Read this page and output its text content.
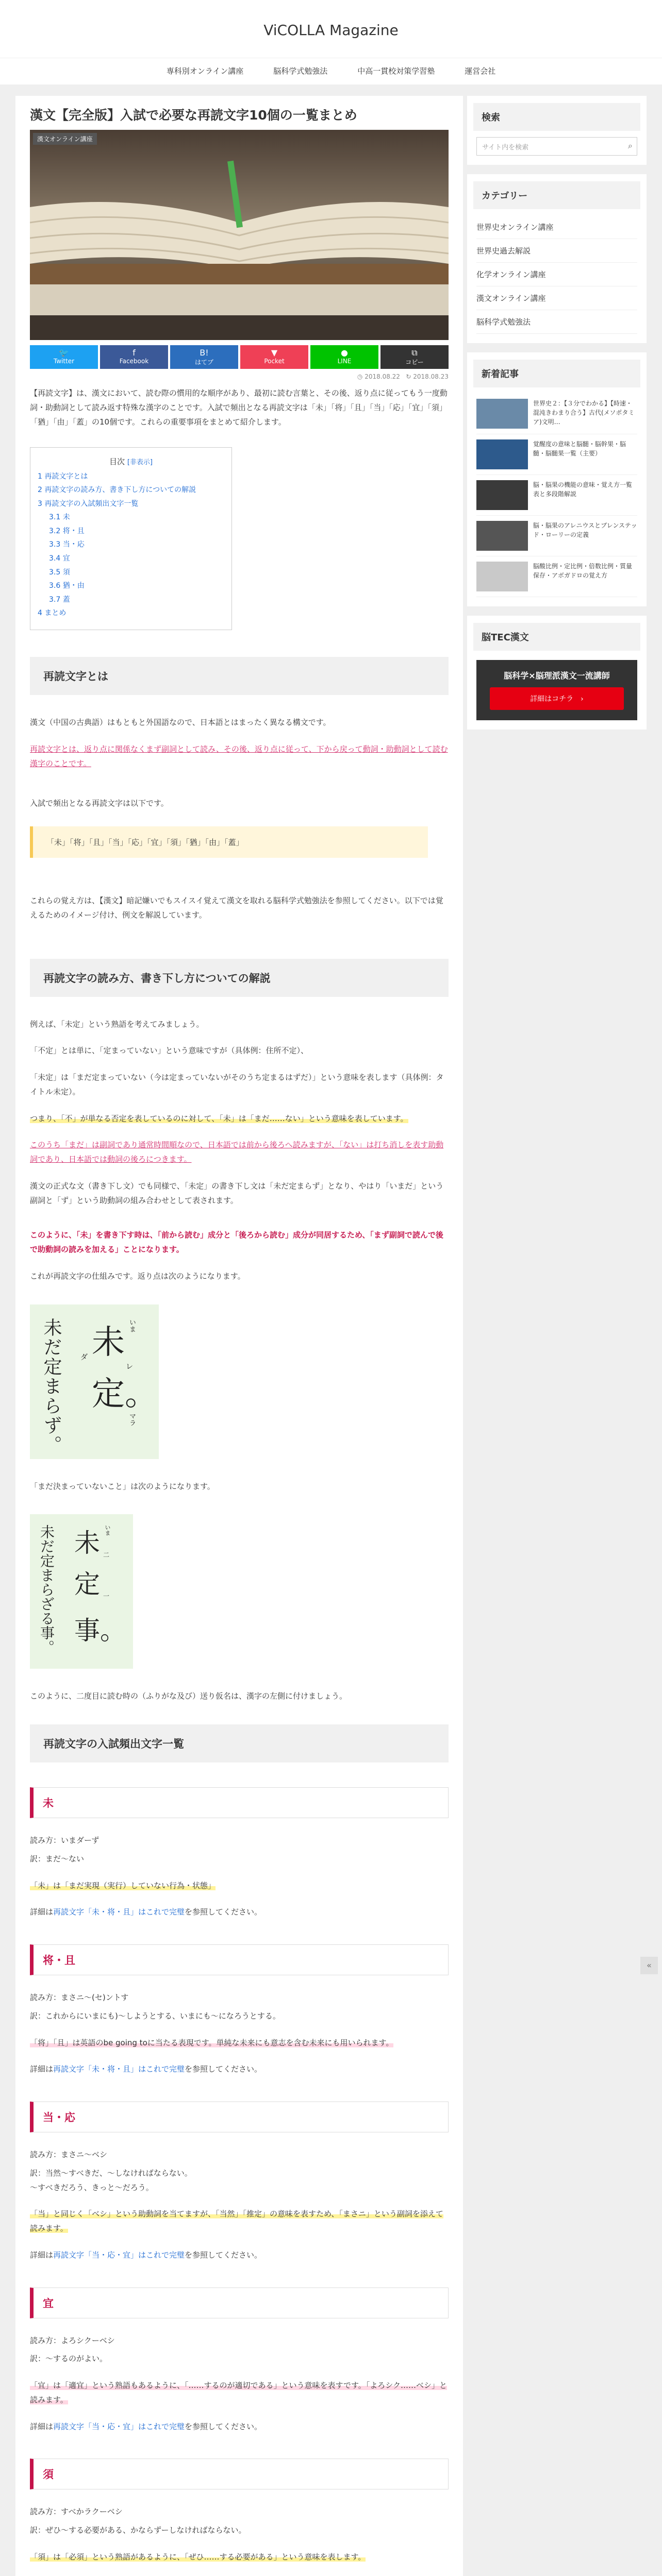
ViCOLLA Magazine
専科別オンライン講座	脳科学式勉強法	中高一貫校対策学習塾	運営会社
漢文【完全版】入試で必要な再読文字10個の一覧まとめ
漢文オンライン講座
🐦
Twitter
f
Facebook
B!
はてブ
▼
Pocket
●
LINE
⧉
コピー
◷ 2018.08.22 ↻ 2018.08.23

【再読文字】は、漢文において、読む際の慣用的な順序があり、最初に読む言葉と、その後、返り点に従ってもう一度動詞・助動詞として読み返す特殊な漢字のことです。入試で頻出となる再読文字は「未」「将」「且」「当」「応」「宜」「須」「猶」「由」「蓋」の10個です。これらの重要事項をまとめて紹介します。

目次 [非表示]
1 再読文字とは
2 再読文字の読み方、書き下し方についての解説
3 再読文字の入試頻出文字一覧
3.1 未
3.2 将・且
3.3 当・応
3.4 宜
3.5 須
3.6 猶・由
3.7 蓋
4 まとめ
再読文字とは

漢文（中国の古典語）はもともと外国語なので、日本語とはまったく異なる構文です。

再読文字とは、返り点に関係なくまず副詞として読み、その後、返り点に従って、下から戻って動詞・助動詞として読む漢字のことです。

入試で頻出となる再読文字は以下です。

「未」「将」「且」「当」「応」「宜」「須」「猶」「由」「蓋」

これらの覚え方は、【漢文】暗記嫌いでもスイスイ覚えて漢文を取れる脳科学式勉強法を参照してください。以下では覚えるためのイメージ付け、例文を解説しています。

再読文字の読み方、書き下し方についての解説

例えば、「未定」という熟語を考えてみましょう。

「不定」とは単に、「定まっていない」という意味ですが（具体例：住所不定）、

「未定」は「まだ定まっていない（今は定まっていないがそのうち定まるはずだ）」という意味を表します（具体例：タイトル未定）。

つまり、「不」が単なる否定を表しているのに対して、「未」は「まだ……ない」という意味を表しています。

このうち「まだ」は副詞であり通常時間順なので、日本語では前から後ろへ読みますが、「ない」は打ち消しを表す助動詞であり、日本語では動詞の後ろにつきます。

漢文の正式な文（書き下し文）でも同様で、「未定」の書き下し文は「未だ定まらず」となり、やはり「いまだ」という副詞と「ず」という助動詞の組み合わせとして表されます。

このように、「未」を書き下す時は、「前から読む」成分と「後ろから読む」成分が同居するため、「まず副詞で読んで後で助動詞の読みを加える」ことになります。

これが再読文字の仕組みです。返り点は次のようになります。

未 いま
ダ
レ
定。
マラ
未だ定まらず。

「まだ決まっていないこと」は次のようになります。

未 いま
二
定 一
事。
未だ定まらざる事。

このように、二度目に読む時の（ふりがな及び）送り仮名は、漢字の左側に付けましょう。

再読文字の入試頻出文字一覧
未

読み方：いまダーず

訳：まだ～ない

「未」は「まだ実現（実行）していない行為・状態」

詳細は再読文字「未・将・且」はこれで完璧を参照してください。

将・且

読み方：まさニ～(セ)ントす

訳：これからにいまにも)～しようとする、いまにも～になろうとする。

「将」「且」は英語のbe going toに当たる表現です。単純な未来にも意志を含む未来にも用いられます。

詳細は再読文字「未・将・且」はこれで完璧を参照してください。

当・応

読み方：まさニ～ベシ

訳：当然～すべきだ、～しなければならない。
～すべきだろう、きっと～だろう。

「当」と同じく「ベシ」という助動詞を当てますが、「当然」「推定」の意味を表すため、「まさニ」という副詞を添えて読みます。

詳細は再読文字「当・応・宜」はこれで完璧を参照してください。

宜

読み方：よろシクーベシ

訳：～するのがよい。

「宜」は「適宜」という熟語もあるように、「……するのが適切である」という意味を表すです。「よろシク……ベシ」と読みます。

詳細は再読文字「当・応・宜」はこれで完璧を参照してください。

須

読み方：すべかラクーベシ

訳：ぜひ～する必要がある、かならずーしなければならない。

「須」は「必須」という熟語があるように、「ぜひ……する必要がある」という意味を表します。

検索
サイト内を検索	⌕
カテゴリー
世界史オンライン講座
世界史過去解説
化学オンライン講座
漢文オンライン講座
脳科学式勉強法
新着記事
世界史２：【３分でわかる】【時速・混沌きわまり合う】古代(メソポタミア)文明…
覚醒度の意味と脳髄・脳幹果・脳髄・脳髄果一覧（主要）
脳・脳果の機能の意味・覚え方一覧表と多段階解説
脳・脳果のアレニウスとブレンステッド・ローリーの定義
脳酸比例・定比例・倍数比例・質量保存・アボガドロの覚え方
脳TEC漢文
脳科学×脳理派漢文一流講師
詳細はコチラ　›
«
